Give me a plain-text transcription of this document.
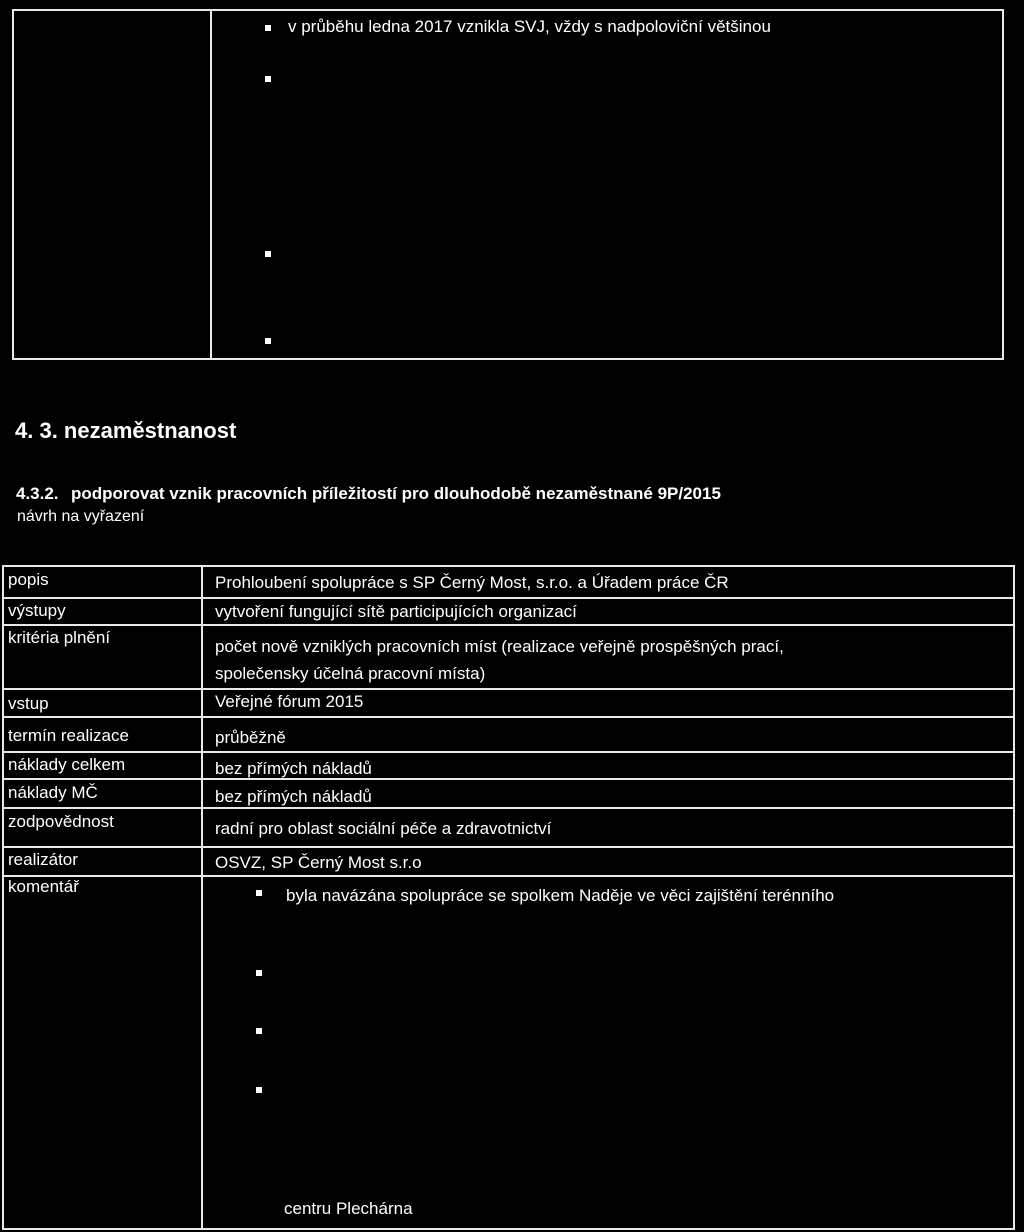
v průběhu ledna 2017 vznikla SVJ, vždy s nadpoloviční většinou
4. 3. nezaměstnanost
4.3.2. podporovat vznik pracovních příležitostí pro dlouhodobě nezaměstnané 9P/2015
návrh na vyřazení
popis	Prohloubení spolupráce s SP Černý Most, s.r.o. a Úřadem práce ČR
výstupy	vytvoření fungující sítě participujících organizací
kritéria plnění	počet nově vzniklých pracovních míst (realizace veřejně prospěšných prací,
společensky účelná pracovní místa)
vstup	Veřejné fórum 2015
termín realizace	průběžně
náklady celkem	bez přímých nákladů
náklady MČ	bez přímých nákladů
zodpovědnost	radní pro oblast sociální péče a zdravotnictví
realizátor	OSVZ, SP Černý Most s.r.o
komentář	byla navázána spolupráce se spolkem Naděje ve věci zajištění terénního
centru Plechárna
